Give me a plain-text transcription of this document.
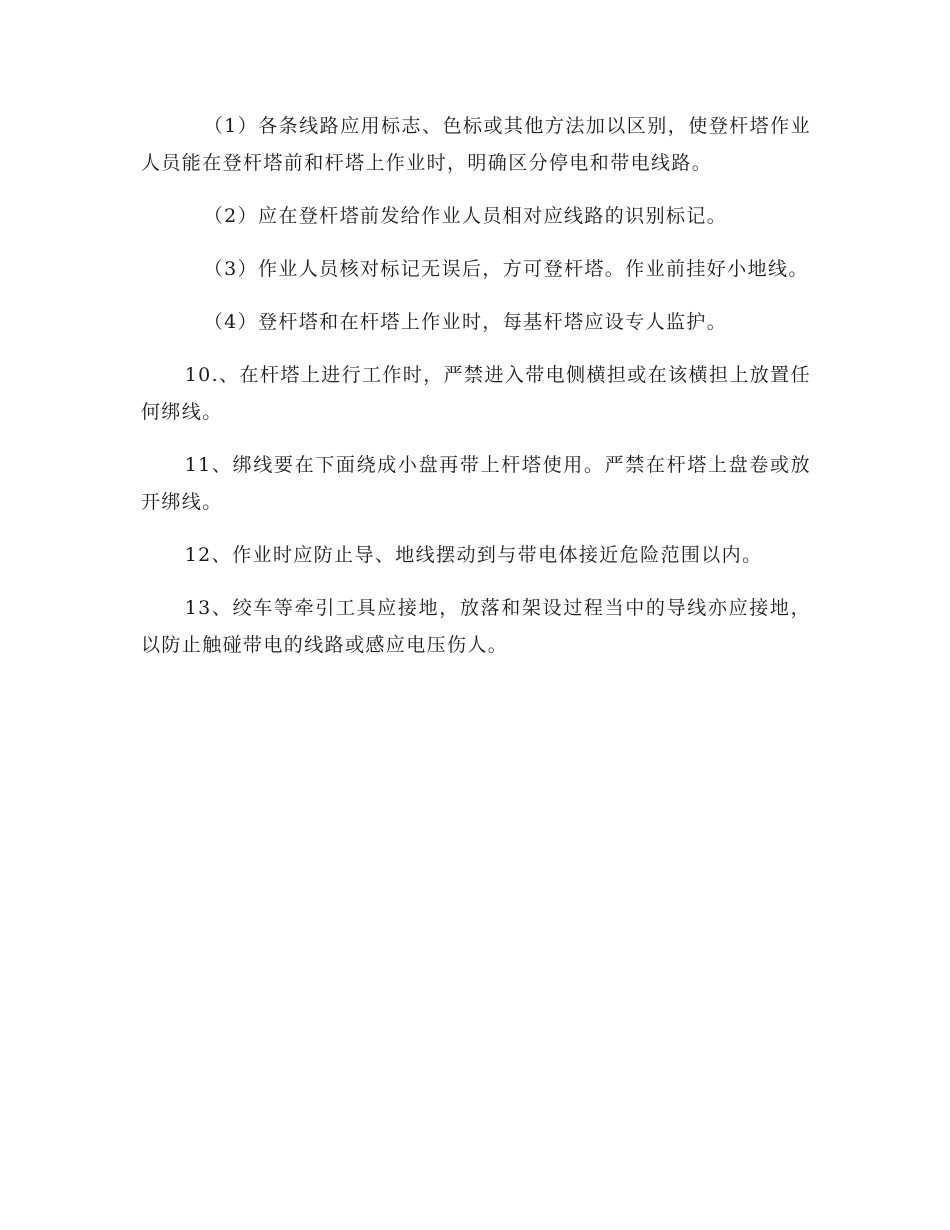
（1）各条线路应用标志、色标或其他方法加以区别，使登杆塔作业人员能在登杆塔前和杆塔上作业时，明确区分停电和带电线路。

（2）应在登杆塔前发给作业人员相对应线路的识别标记。

（3）作业人员核对标记无误后，方可登杆塔。作业前挂好小地线。

（4）登杆塔和在杆塔上作业时，每基杆塔应设专人监护。

10.、在杆塔上进行工作时，严禁进入带电侧横担或在该横担上放置任何绑线。

11、绑线要在下面绕成小盘再带上杆塔使用。严禁在杆塔上盘卷或放开绑线。

12、作业时应防止导、地线摆动到与带电体接近危险范围以内。

13、绞车等牵引工具应接地，放落和架设过程当中的导线亦应接地，以防止触碰带电的线路或感应电压伤人。
